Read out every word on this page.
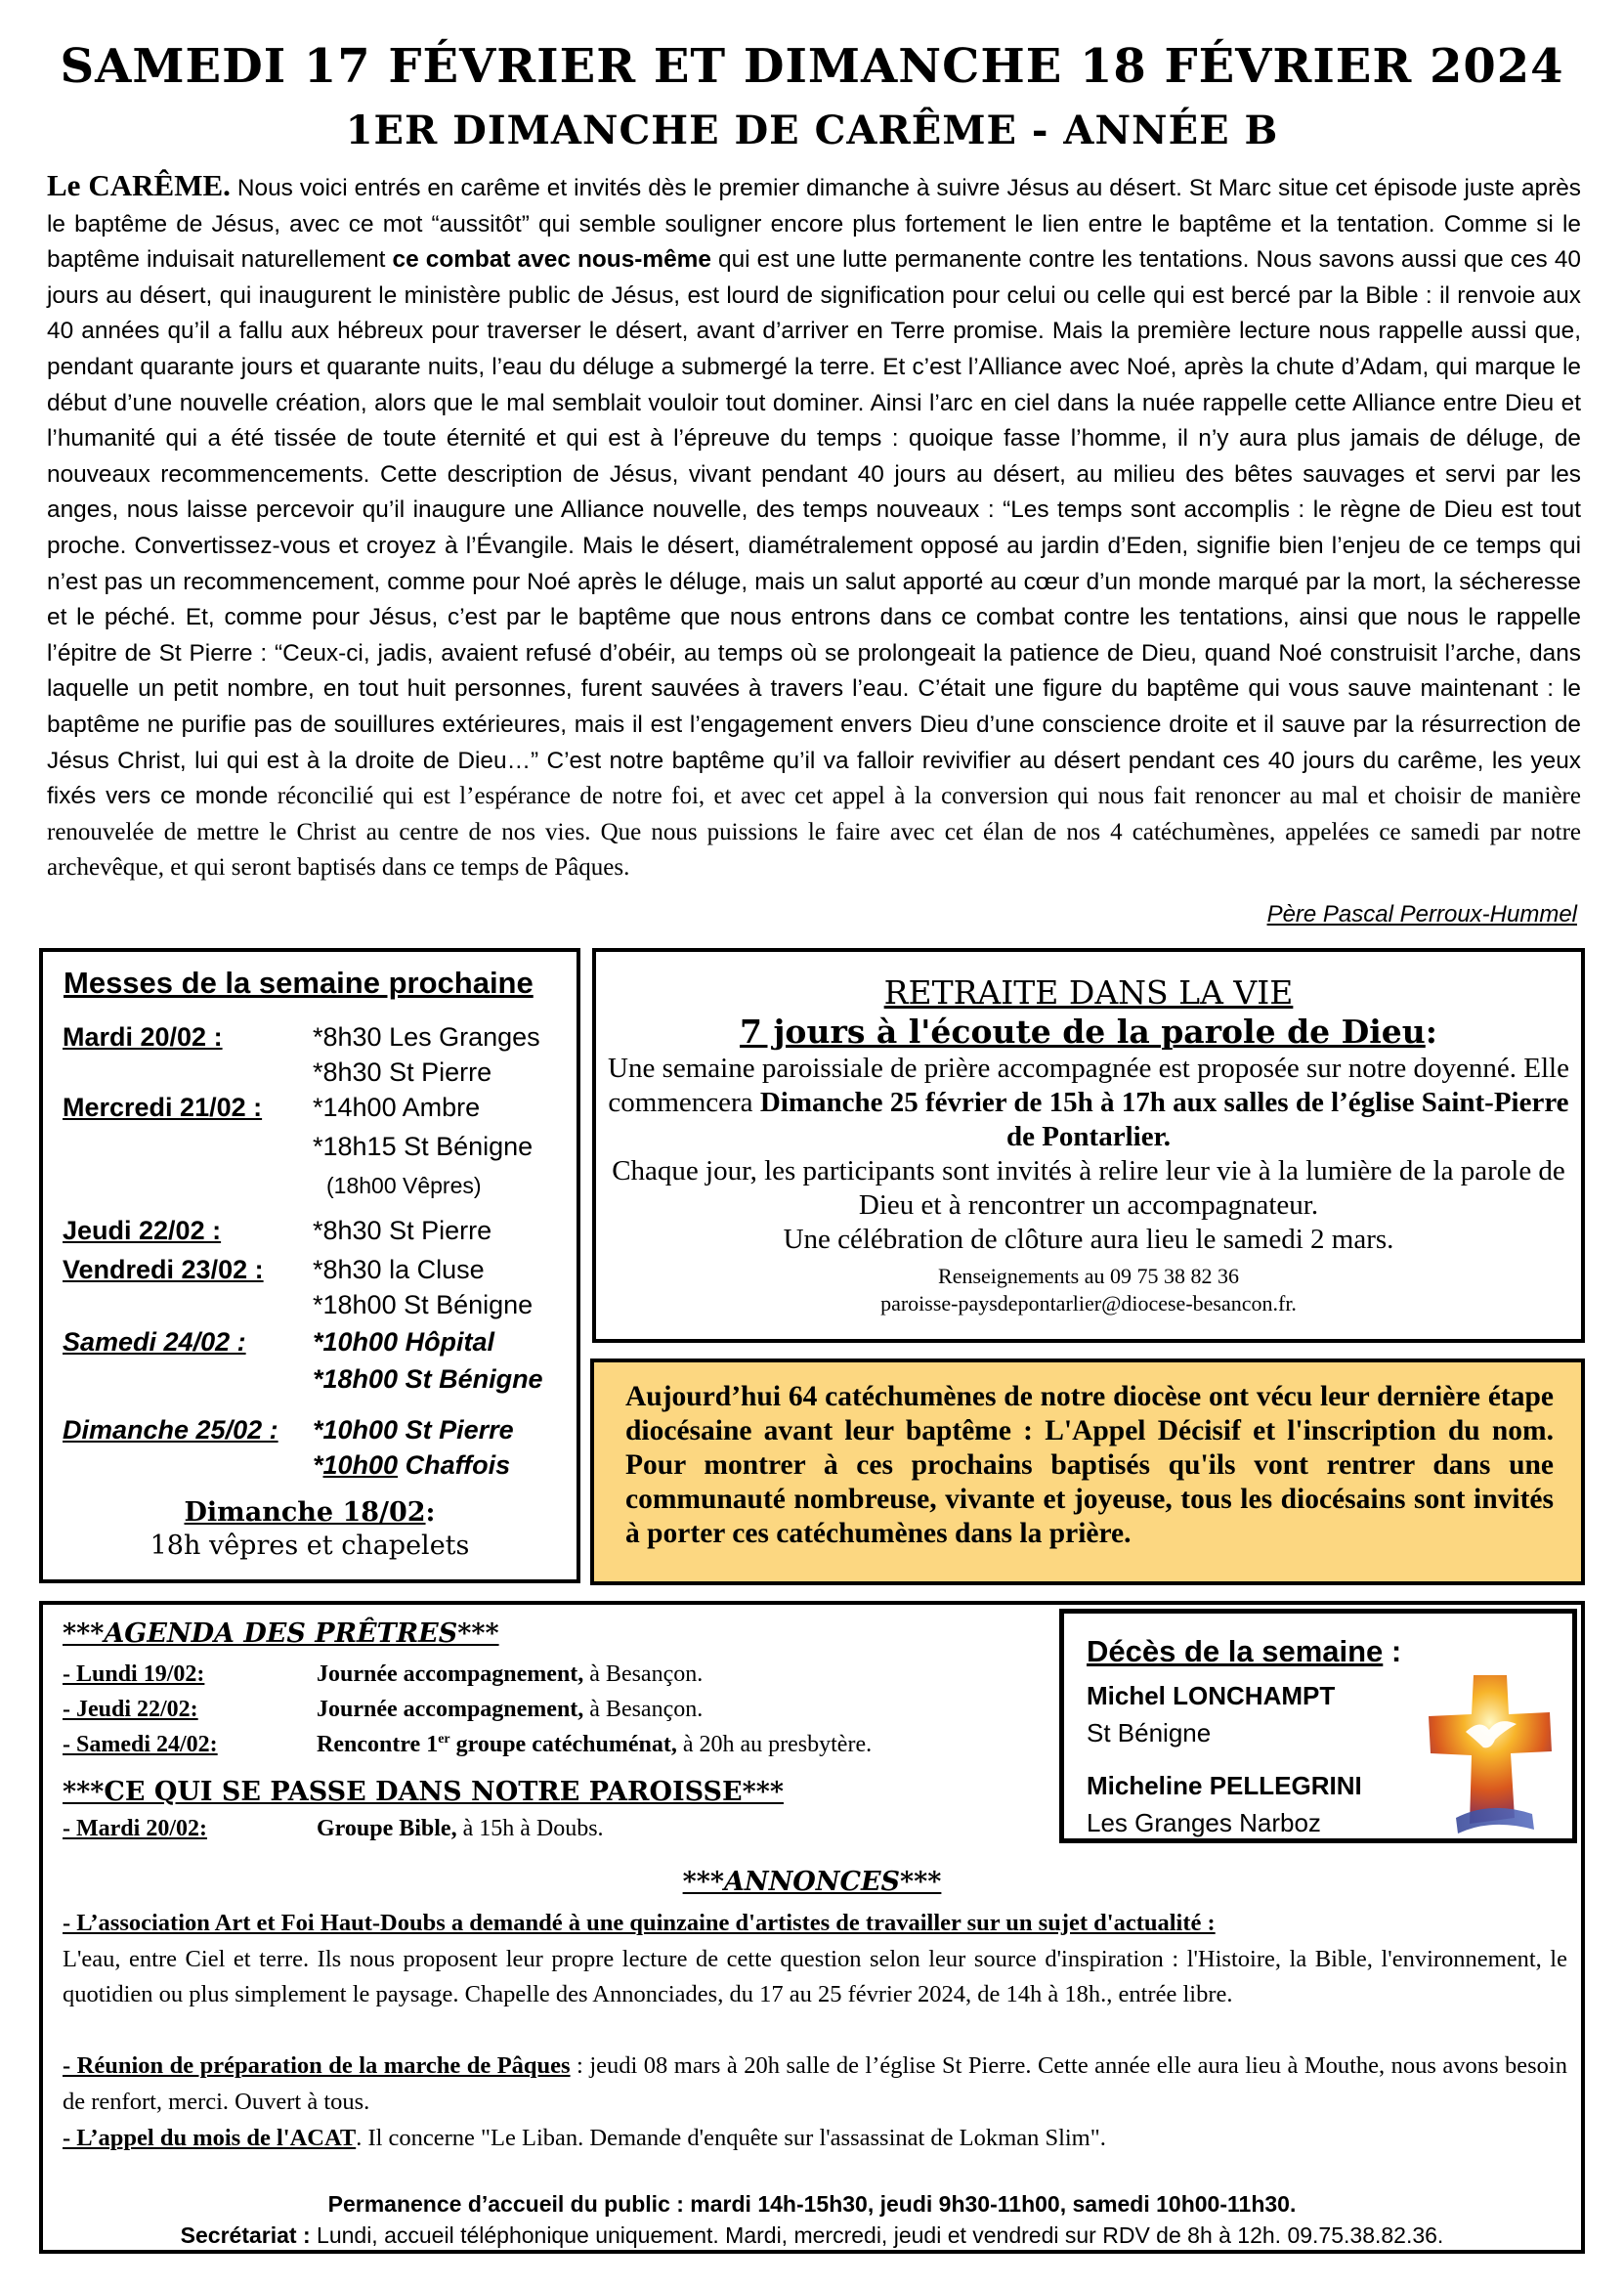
SAMEDI 17 FÉVRIER ET DIMANCHE 18 FÉVRIER 2024
1ER DIMANCHE DE CARÊME - ANNÉE B
Le CARÊME. Nous voici entrés en carême et invités dès le premier dimanche à suivre Jésus au désert. St Marc situe cet épisode juste après le baptême de Jésus, avec ce mot “aussitôt” qui semble souligner encore plus fortement le lien entre le baptême et la tentation. Comme si le baptême induisait naturellement ce combat avec nous-même qui est une lutte permanente contre les tentations. Nous savons aussi que ces 40 jours au désert, qui inaugurent le ministère public de Jésus, est lourd de signification pour celui ou celle qui est bercé par la Bible : il renvoie aux 40 années qu’il a fallu aux hébreux pour traverser le désert, avant d’arriver en Terre promise. Mais la première lecture nous rappelle aussi que, pendant quarante jours et quarante nuits, l’eau du déluge a submergé la terre. Et c’est l’Alliance avec Noé, après la chute d’Adam, qui marque le début d’une nouvelle création, alors que le mal semblait vouloir tout dominer. Ainsi l’arc en ciel dans la nuée rappelle cette Alliance entre Dieu et l’humanité qui a été tissée de toute éternité et qui est à l’épreuve du temps : quoique fasse l’homme, il n’y aura plus jamais de déluge, de nouveaux recommencements. Cette description de Jésus, vivant pendant 40 jours au désert, au milieu des bêtes sauvages et servi par les anges, nous laisse percevoir qu’il inaugure une Alliance nouvelle, des temps nouveaux : “Les temps sont accomplis : le règne de Dieu est tout proche. Convertissez-vous et croyez à l’Évangile. Mais le désert, diamétralement opposé au jardin d’Eden, signifie bien l’enjeu de ce temps qui n’est pas un recommencement, comme pour Noé après le déluge, mais un salut apporté au cœur d’un monde marqué par la mort, la sécheresse et le péché. Et, comme pour Jésus, c’est par le baptême que nous entrons dans ce combat contre les tentations, ainsi que nous le rappelle l’épitre de St Pierre : “Ceux-ci, jadis, avaient refusé d’obéir, au temps où se prolongeait la patience de Dieu, quand Noé construisit l’arche, dans laquelle un petit nombre, en tout huit personnes, furent sauvées à travers l’eau. C’était une figure du baptême qui vous sauve maintenant : le baptême ne purifie pas de souillures extérieures, mais il est l’engagement envers Dieu d’une conscience droite et il sauve par la résurrection de Jésus Christ, lui qui est à la droite de Dieu…” C’est notre baptême qu’il va falloir revivifier au désert pendant ces 40 jours du carême, les yeux fixés vers ce monde réconcilié qui est l’espérance de notre foi, et avec cet appel à la conversion qui nous fait renoncer au mal et choisir de manière renouvelée de mettre le Christ au centre de nos vies. Que nous puissions le faire avec cet élan de nos 4 catéchumènes, appelées ce samedi par notre archevêque, et qui seront baptisés dans ce temps de Pâques.
Père Pascal Perroux-Hummel
Messes de la semaine prochaine
Mardi 20/02 :	*8h30 Les Granges
*8h30 St Pierre
Mercredi 21/02 : *14h00 Ambre
*18h15 St Bénigne
(18h00 Vêpres)
Jeudi 22/02 :	*8h30 St Pierre
Vendredi 23/02 : *8h30 la Cluse
*18h00 St Bénigne
Samedi 24/02 :	*10h00 Hôpital
*18h00 St Bénigne
Dimanche 25/02 : *10h00 St Pierre
*10h00 Chaffois
Dimanche 18/02:
18h vêpres et chapelets
RETRAITE DANS LA VIE
7 jours à l'écoute de la parole de Dieu:
Une semaine paroissiale de prière accompagnée est proposée sur notre doyenné. Elle commencera Dimanche 25 février de 15h à 17h aux salles de l’église Saint-Pierre de Pontarlier.
Chaque jour, les participants sont invités à relire leur vie à la lumière de la parole de Dieu et à rencontrer un accompagnateur.
Une célébration de clôture aura lieu le samedi 2 mars.
Renseignements au 09 75 38 82 36
paroisse-paysdepontarlier@diocese-besancon.fr.
Aujourd’hui 64 catéchumènes de notre diocèse ont vécu leur dernière étape diocésaine avant leur baptême : L'Appel Décisif et l'inscription du nom. Pour montrer à ces prochains baptisés qu'ils vont rentrer dans une communauté nombreuse, vivante et joyeuse, tous les diocésains sont invités à porter ces catéchumènes dans la prière.
***AGENDA DES PRÊTRES***
- Lundi 19/02:	Journée accompagnement, à Besançon.
- Jeudi 22/02:	Journée accompagnement, à Besançon.
- Samedi 24/02:	Rencontre 1er groupe catéchuménat, à 20h au presbytère.
***CE QUI SE PASSE DANS NOTRE PAROISSE***
- Mardi 20/02:	Groupe Bible, à 15h à Doubs.
Décès de la semaine :
Michel LONCHAMPT
St Bénigne
Micheline PELLEGRINI
Les Granges Narboz
***ANNONCES***
- L’association Art et Foi Haut-Doubs a demandé à une quinzaine d'artistes de travailler sur un sujet d'actualité :
L'eau, entre Ciel et terre. Ils nous proposent leur propre lecture de cette question selon leur source d'inspiration : l'Histoire, la Bible, l'environnement, le quotidien ou plus simplement le paysage. Chapelle des Annonciades, du 17 au 25 février 2024, de 14h à 18h., entrée libre.
- Réunion de préparation de la marche de Pâques : jeudi 08 mars à 20h salle de l’église St Pierre. Cette année elle aura lieu à Mouthe, nous avons besoin de renfort, merci. Ouvert à tous.
- L’appel du mois de l'ACAT. Il concerne "Le Liban. Demande d'enquête sur l'assassinat de Lokman Slim".
Permanence d’accueil du public : mardi 14h-15h30, jeudi 9h30-11h00, samedi 10h00-11h30.
Secrétariat : Lundi, accueil téléphonique uniquement. Mardi, mercredi, jeudi et vendredi sur RDV de 8h à 12h. 09.75.38.82.36.
